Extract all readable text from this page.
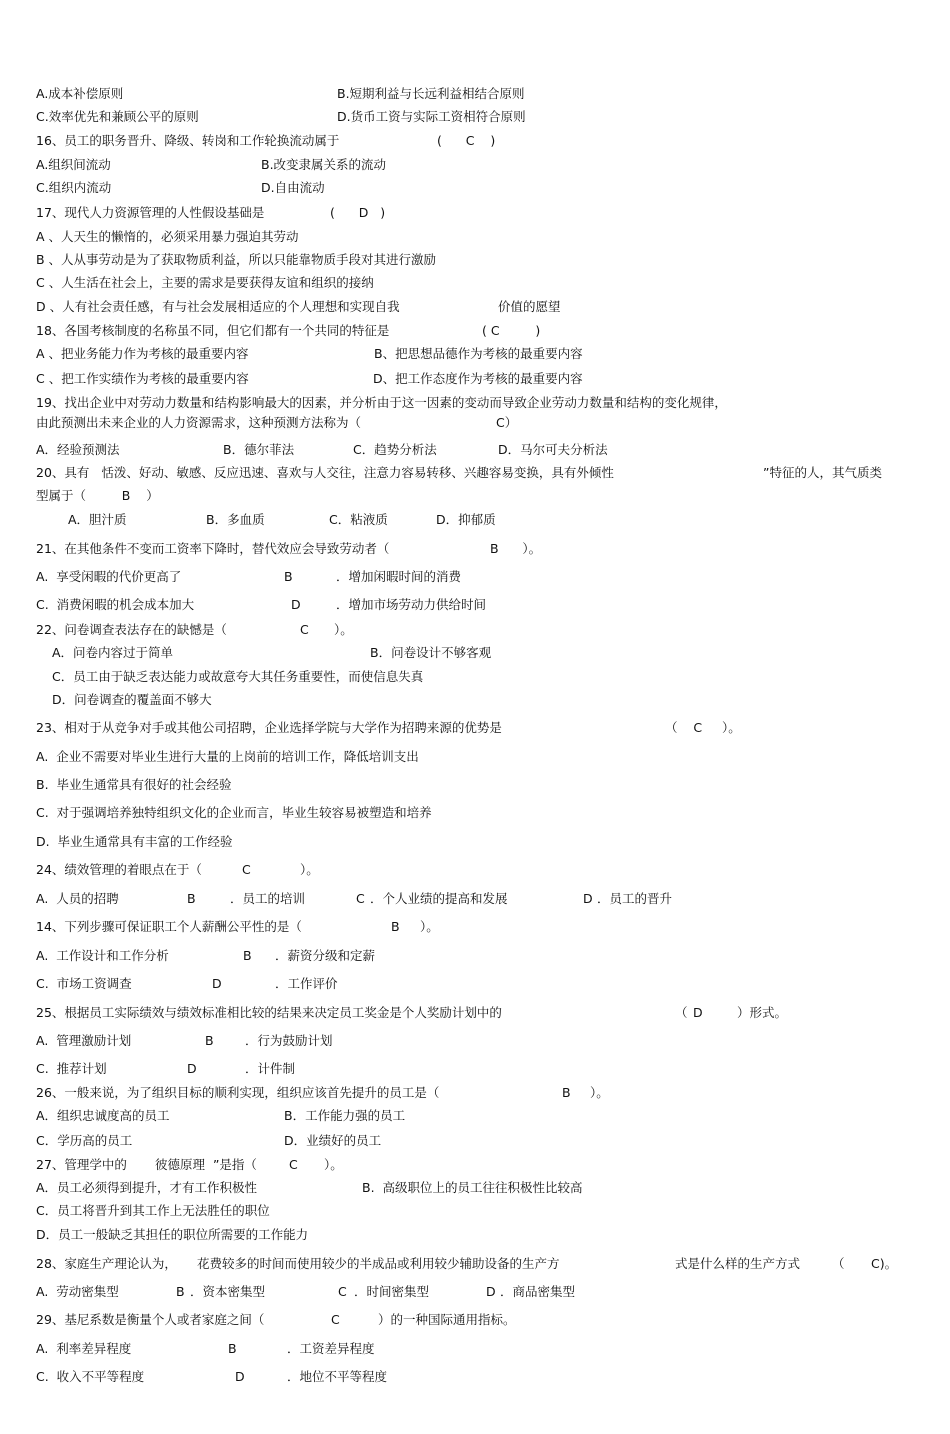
A.成本补偿原则	B.短期利益与长远利益相结合原则
C.效率优先和兼顾公平的原则	D.货币工资与实际工资相符合原则
16、员工的职务晋升、降级、转岗和工作轮换流动属于	(      C    )
A.组织间流动	B.改变隶属关系的流动
C.组织内流动	D.自由流动
17、现代人力资源管理的人性假设基础是	(      D   )
A 、人天生的懒惰的，必须采用暴力强迫其劳动
B 、人从事劳动是为了获取物质利益，所以只能靠物质手段对其进行激励
C 、人生活在社会上，主要的需求是要获得友谊和组织的接纳
D 、人有社会责任感，有与社会发展相适应的个人理想和实现自我	价值的愿望
18、各国考核制度的名称虽不同，但它们都有一个共同的特征是	( C         )
A 、把业务能力作为考核的最重要内容	B、把思想品德作为考核的最重要内容
C 、把工作实绩作为考核的最重要内容	D、把工作态度作为考核的最重要内容
19、找出企业中对劳动力数量和结构影响最大的因素，并分析由于这一因素的变动而导致企业劳动力数量和结构的变化规律，
由此预测出未来企业的人力资源需求，这种预测方法称为（	C）
A．经验预测法	B．德尔菲法	C．趋势分析法	D．马尔可夫分析法
20、具有   恬泼、好动、敏感、反应迅速、喜欢与人交往，注意力容易转移、兴趣容易变换，具有外倾性	”特征的人，其气质类
型属于（         B    ）
A．胆汁质	B．多血质	C．粘液质	D．抑郁质
21、在其他条件不变而工资率下降时，替代效应会导致劳动者（	B      ）。
A.  享受闲暇的代价更高了	B	．增加闲暇时间的消费
C.  消费闲暇的机会成本加大	D	．增加市场劳动力供给时间
22、问卷调查表法存在的缺憾是（	C ）。
A．问卷内容过于简单	B．问卷设计不够客观
C．员工由于缺乏表达能力或故意夸大其任务重要性，而使信息失真
D．问卷调查的覆盖面不够大
23、相对于从竞争对手或其他公司招聘，企业选择学院与大学作为招聘来源的优势是	（    C     ）。
A.  企业不需要对毕业生进行大量的上岗前的培训工作，降低培训支出
B.  毕业生通常具有很好的社会经验
C.  对于强调培养独特组织文化的企业而言，毕业生较容易被塑造和培养
D.  毕业生通常具有丰富的工作经验
24、绩效管理的着眼点在于（	C	）。
A.  人员的招聘	B	．员工的培训	C ．个人业绩的提高和发展	D ．员工的晋升
14、下列步骤可保证职工个人薪酬公平性的是（	B ）。
A.  工作设计和工作分析	B ．薪资分级和定薪
C.  市场工资调查	D	．工作评价
25、根据员工实际绩效与绩效标准相比较的结果来决定员工奖金是个人奖励计划中的	（ D	）形式。
A.  管理激励计划	B	．行为鼓励计划
C.  推荐计划	D	．计件制
26、一般来说，为了组织目标的顺利实现，组织应该首先提升的员工是（	B ）。
A．组织忠诚度高的员工	B．工作能力强的员工
C．学历高的员工	D．业绩好的员工
27、管理学中的 彼德原理  ”是指（	C ）。
A．员工必须得到提升，才有工作积极性	B.  高级职位上的员工往往积极性比较高
C．员工将晋升到其工作上无法胜任的职位
D．员工一般缺乏其担任的职位所需要的工作能力
28、家庭生产理论认为， 花费较多的时间而使用较少的半成品或利用较少辅助设备的生产方	式是什么样的生产方式	（ C)。
A.  劳动密集型	B ．资本密集型	C ．时间密集型	D ．商品密集型
29、基尼系数是衡量个人或者家庭之间（	C	）的一种国际通用指标。
A.  利率差异程度	B	．工资差异程度
C.  收入不平等程度	D	．地位不平等程度
